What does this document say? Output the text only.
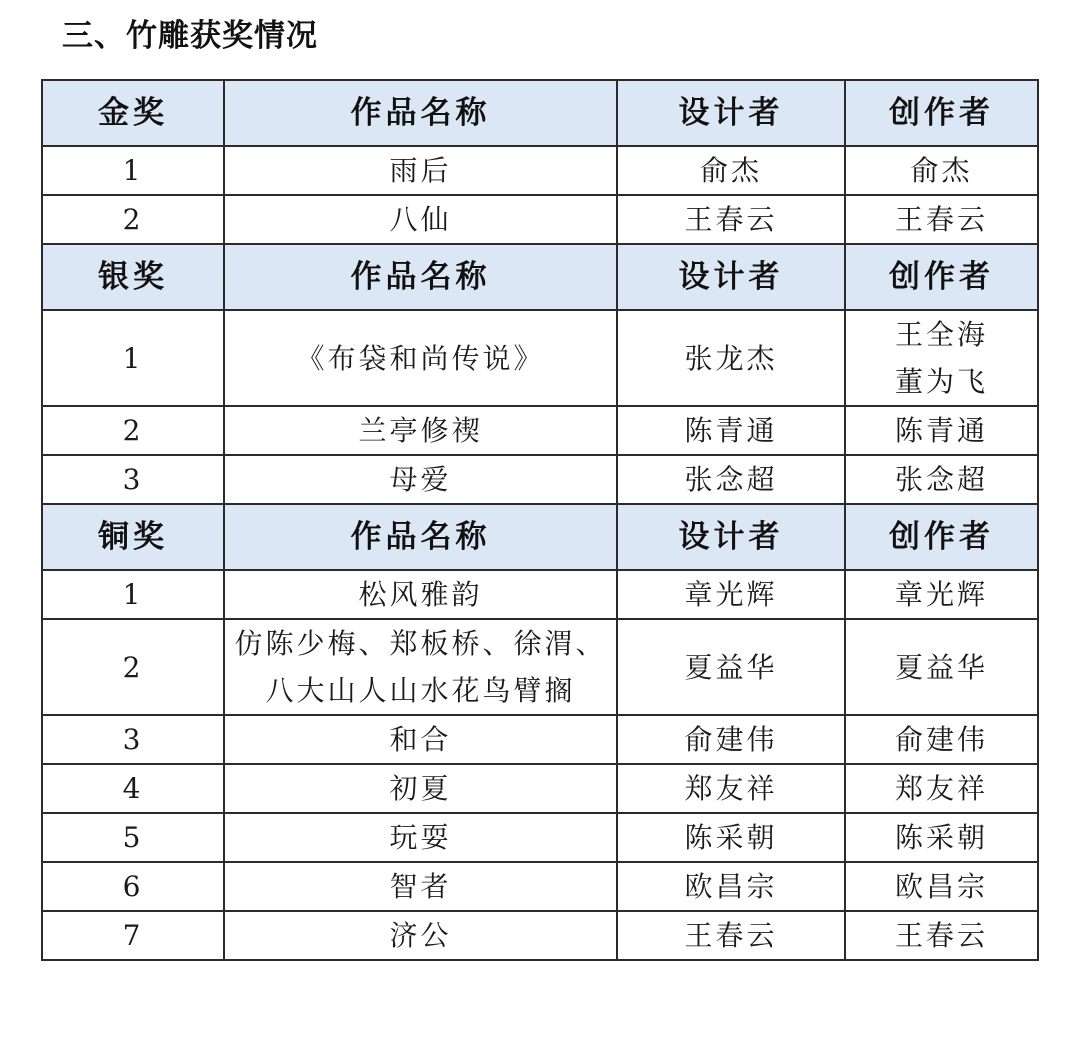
三、竹雕获奖情况
金奖	作品名称	设计者	创作者
1	雨后	俞杰	俞杰
2	八仙	王春云	王春云
银奖	作品名称	设计者	创作者
1	《布袋和尚传说》	张龙杰	王全海
董为飞

2	兰亭修禊	陈青通	陈青通
3	母爱	张念超	张念超
铜奖	作品名称	设计者	创作者
1	松风雅韵	章光辉	章光辉
2	仿陈少梅、郑板桥、徐渭、
八大山人山水花鸟臂搁	夏益华	夏益华
3	和合	俞建伟	俞建伟
4	初夏	郑友祥	郑友祥
5	玩耍	陈采朝	陈采朝
6	智者	欧昌宗	欧昌宗
7	济公	王春云	王春云
